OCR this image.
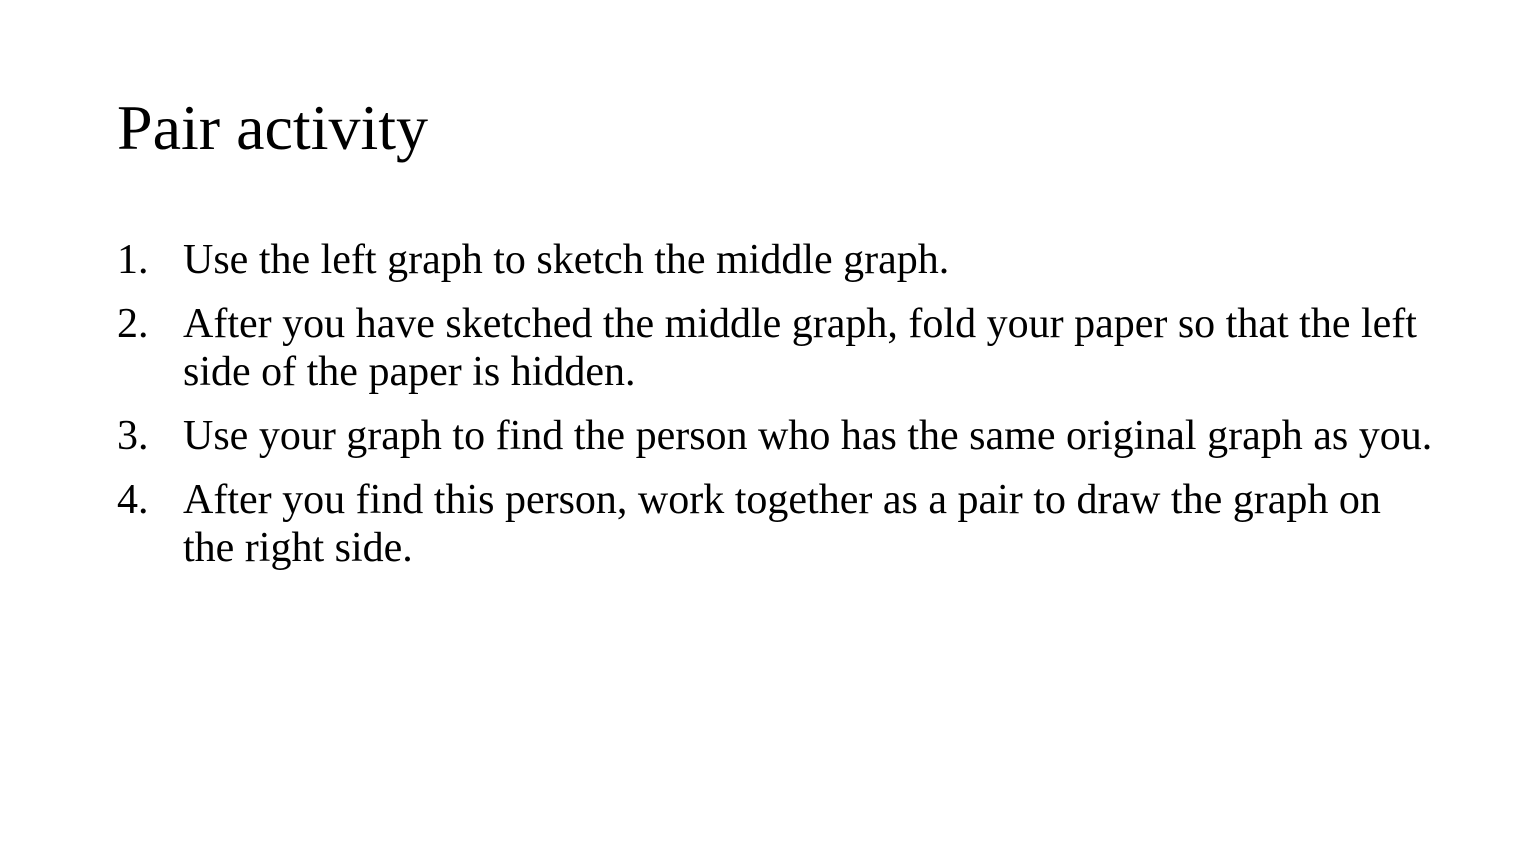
Pair activity
1. Use the left graph to sketch the middle graph.
2. After you have sketched the middle graph, fold your paper so that the left side of the paper is hidden.
3. Use your graph to find the person who has the same original graph as you.
4. After you find this person, work together as a pair to draw the graph on the right side.
